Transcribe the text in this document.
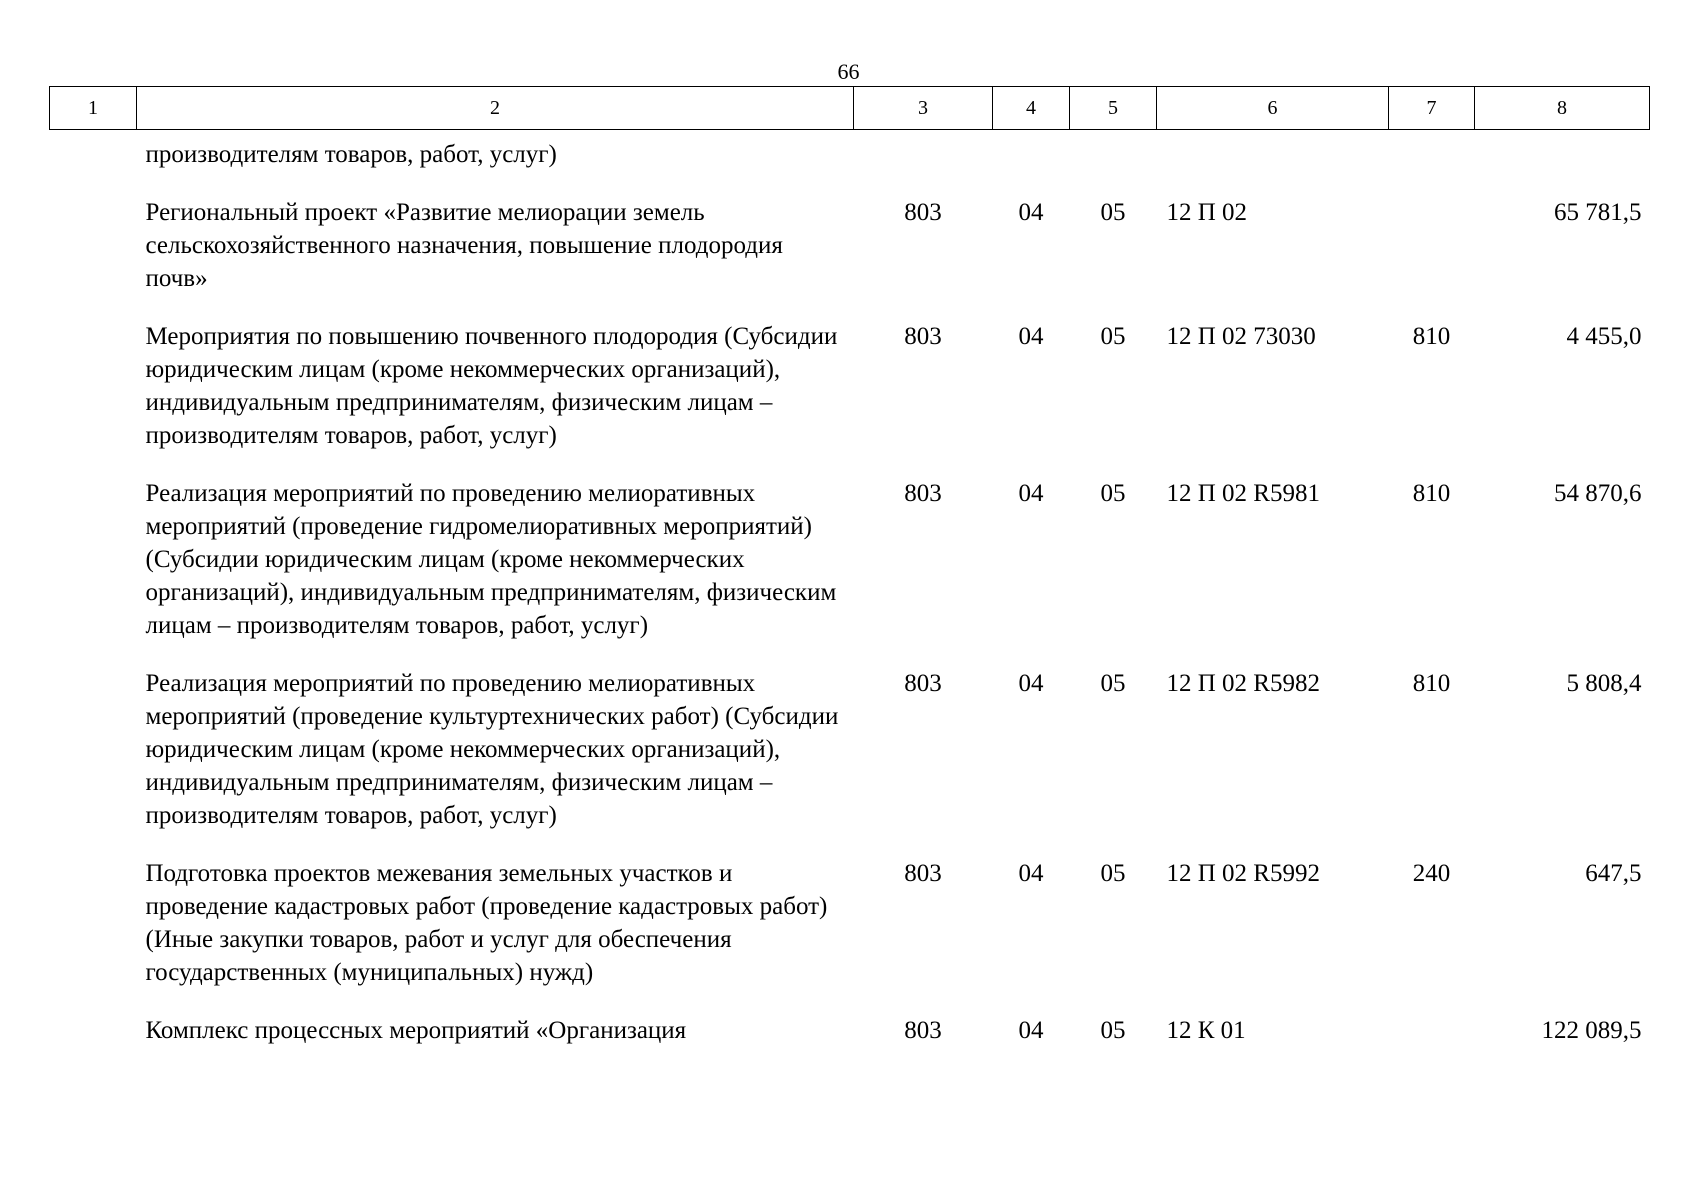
66
1	2	3	4	5	6	7	8
	производителям товаров, работ, услуг)						
	Региональный проект «Развитие мелиорации земель сельскохозяйственного назначения, повышение плодородия почв»	803	04	05	12 П 02		65 781,5
	Мероприятия по повышению почвенного плодородия (Субсидии юридическим лицам (кроме некоммерческих организаций), индивидуальным предпринимателям, физическим лицам – производителям товаров, работ, услуг)	803	04	05	12 П 02 73030	810	4 455,0
	Реализация мероприятий по проведению мелиоративных мероприятий (проведение гидромелиоративных мероприятий) (Субсидии юридическим лицам (кроме некоммерческих организаций), индивидуальным предпринимателям, физическим лицам – производителям товаров, работ, услуг)	803	04	05	12 П 02 R5981	810	54 870,6
	Реализация мероприятий по проведению мелиоративных мероприятий (проведение культуртехнических работ) (Субсидии юридическим лицам (кроме некоммерческих организаций), индивидуальным предпринимателям, физическим лицам – производителям товаров, работ, услуг)	803	04	05	12 П 02 R5982	810	5 808,4
	Подготовка проектов межевания земельных участков и проведение кадастровых работ (проведение кадастровых работ) (Иные закупки товаров, работ и услуг для обеспечения государственных (муниципальных) нужд)	803	04	05	12 П 02 R5992	240	647,5
	Комплекс процессных мероприятий «Организация	803	04	05	12 К 01		122 089,5
